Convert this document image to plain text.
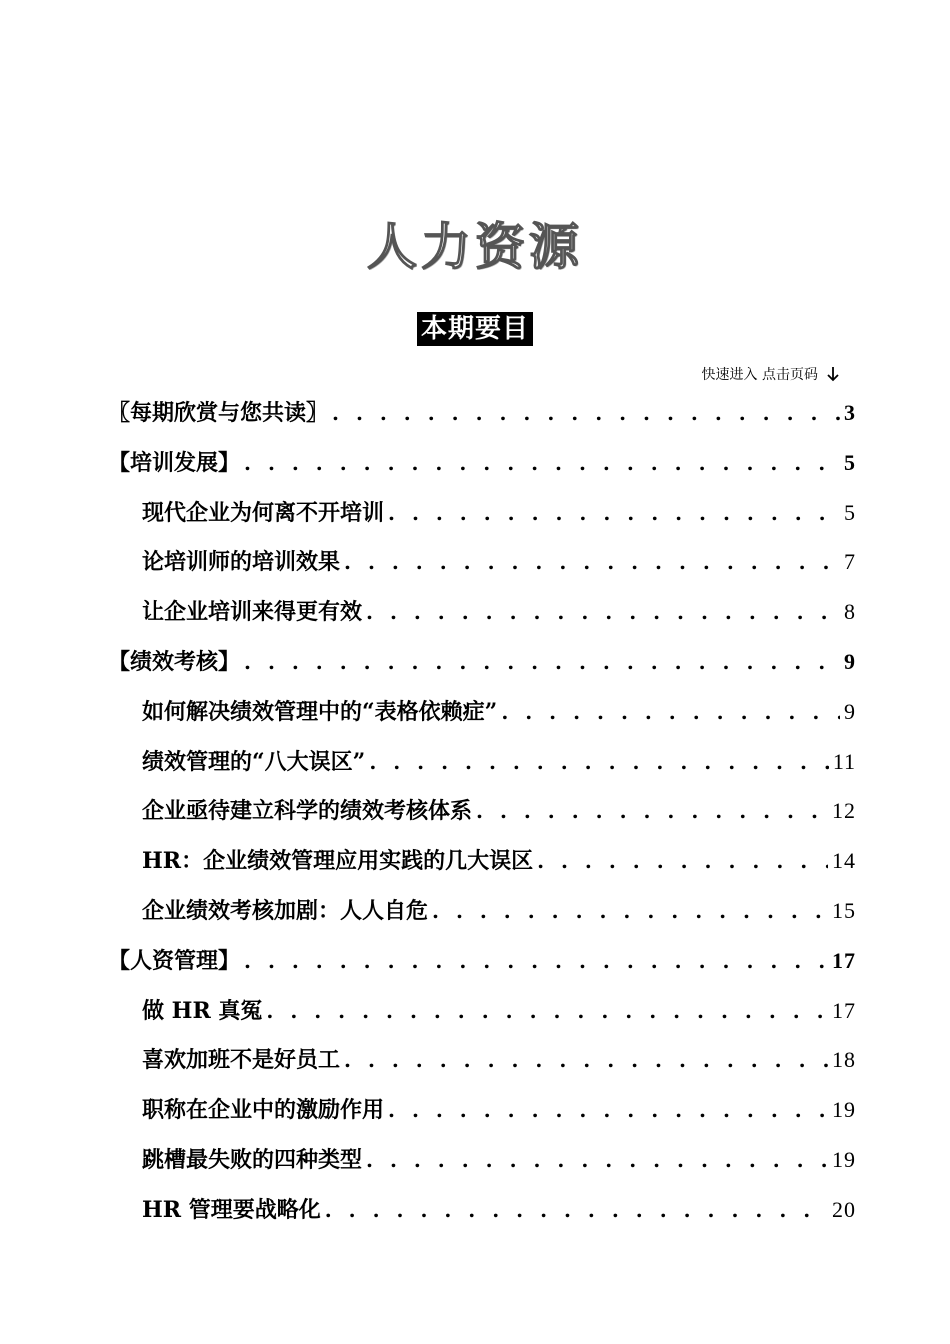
人力资源
本期要目
快速进入 点击页码
〖每期欣赏与您共读〗 . . .	3
【培训发展】 . . .	5
现代企业为何离不开培训 . . .	5
论培训师的培训效果 . . .	7
让企业培训来得更有效 . . .	8
【绩效考核】 . . .	9
如何解决绩效管理中的“表格依赖症” . . .	9
绩效管理的“八大误区” . . .	11
企业亟待建立科学的绩效考核体系 . . .	12
HR：企业绩效管理应用实践的几大误区 . . .	14
企业绩效考核加剧：人人自危 . . .	15
【人资管理】 . . .	17
做 HR 真冤 . . .	17
喜欢加班不是好员工 . . .	18
职称在企业中的激励作用 . . .	19
跳槽最失败的四种类型 . . .	19
HR 管理要战略化 . . .	20
